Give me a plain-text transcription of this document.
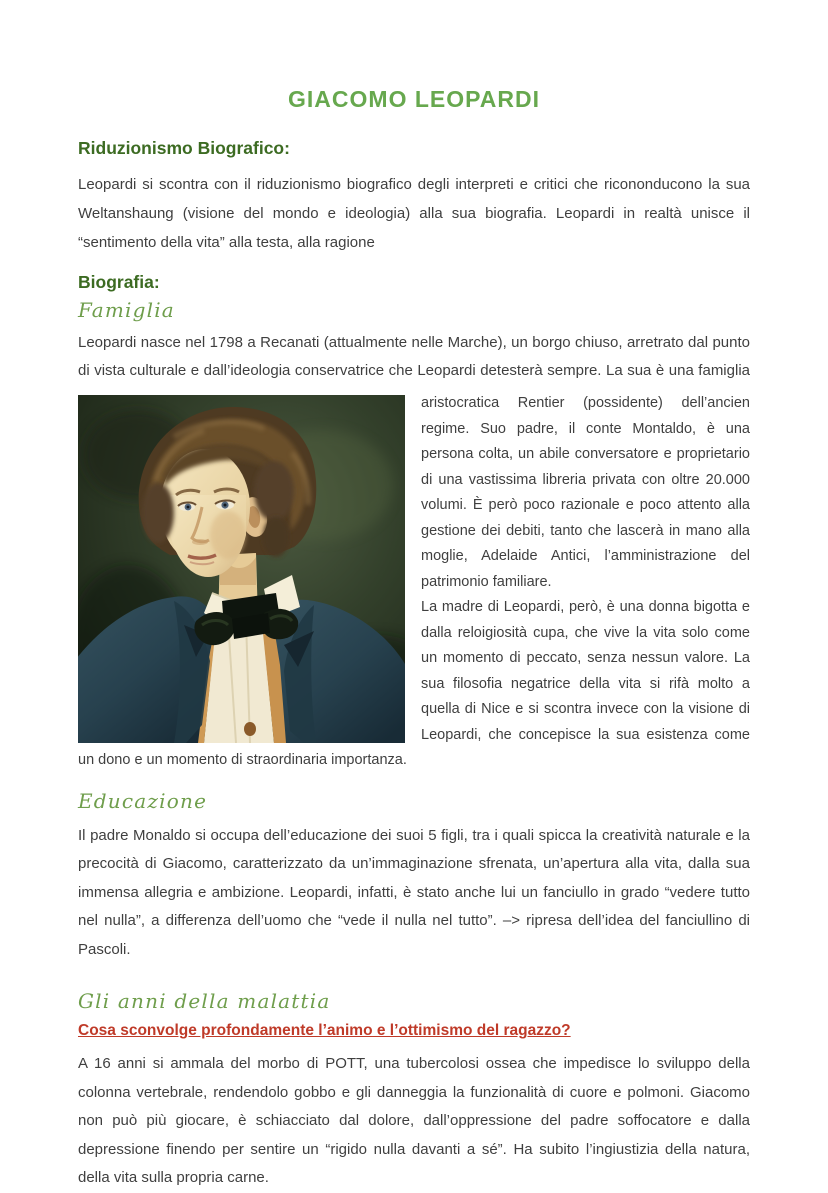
GIACOMO LEOPARDI
Riduzionismo Biografico:

Leopardi si scontra con il riduzionismo biografico degli interpreti e critici che ricononducono la sua Weltanshaung (visione del mondo e ideologia) alla sua biografia. Leopardi in realtà unisce il “sentimento della vita” alla testa, alla ragione

Biografia:
Famiglia

Leopardi nasce nel 1798 a Recanati (attualmente nelle Marche), un borgo chiuso, arretrato dal punto di vista culturale e dall’ideologia conservatrice che Leopardi detesterà sempre. La sua è una famiglia

aristocratica Rentier (possidente) dell’ancien regime. Suo padre, il conte Montaldo, è una persona colta, un abile conversatore e proprietario di una vastissima libreria privata con oltre 20.000 volumi. È però poco razionale e poco attento alla gestione dei debiti, tanto che lascerà in mano alla moglie, Adelaide Antici, l’amministrazione del patrimonio familiare.

La madre di Leopardi, però, è una donna bigotta e dalla reloigiosità cupa, che vive la vita solo come un momento di peccato, senza nessun valore. La sua filosofia negatrice della vita si rifà molto a quella di Nice e si scontra invece con la visione di Leopardi, che concepisce la sua esistenza come un dono e un momento di straordinaria importanza.

Educazione

Il padre Monaldo si occupa dell’educazione dei suoi 5 figli, tra i quali spicca la creatività naturale e la precocità di Giacomo, caratterizzato da un’immaginazione sfrenata, un’apertura alla vita, dalla sua immensa allegria e ambizione. Leopardi, infatti, è stato anche lui un fanciullo in grado “vedere tutto nel nulla”, a differenza dell’uomo che “vede il nulla nel tutto”. –> ripresa dell’idea del fanciullino di Pascoli.

Gli anni della malattia

Cosa sconvolge profondamente l’animo e l’ottimismo del ragazzo?

A 16 anni si ammala del morbo di POTT, una tubercolosi ossea che impedisce lo sviluppo della colonna vertebrale, rendendolo gobbo e gli danneggia la funzionalità di cuore e polmoni. Giacomo non può più giocare, è schiacciato dal dolore, dall’oppressione del padre soffocatore e dalla depressione finendo per sentire un “rigido nulla davanti a sé”. Ha subito l’ingiustizia della natura, della vita sulla propria carne.
